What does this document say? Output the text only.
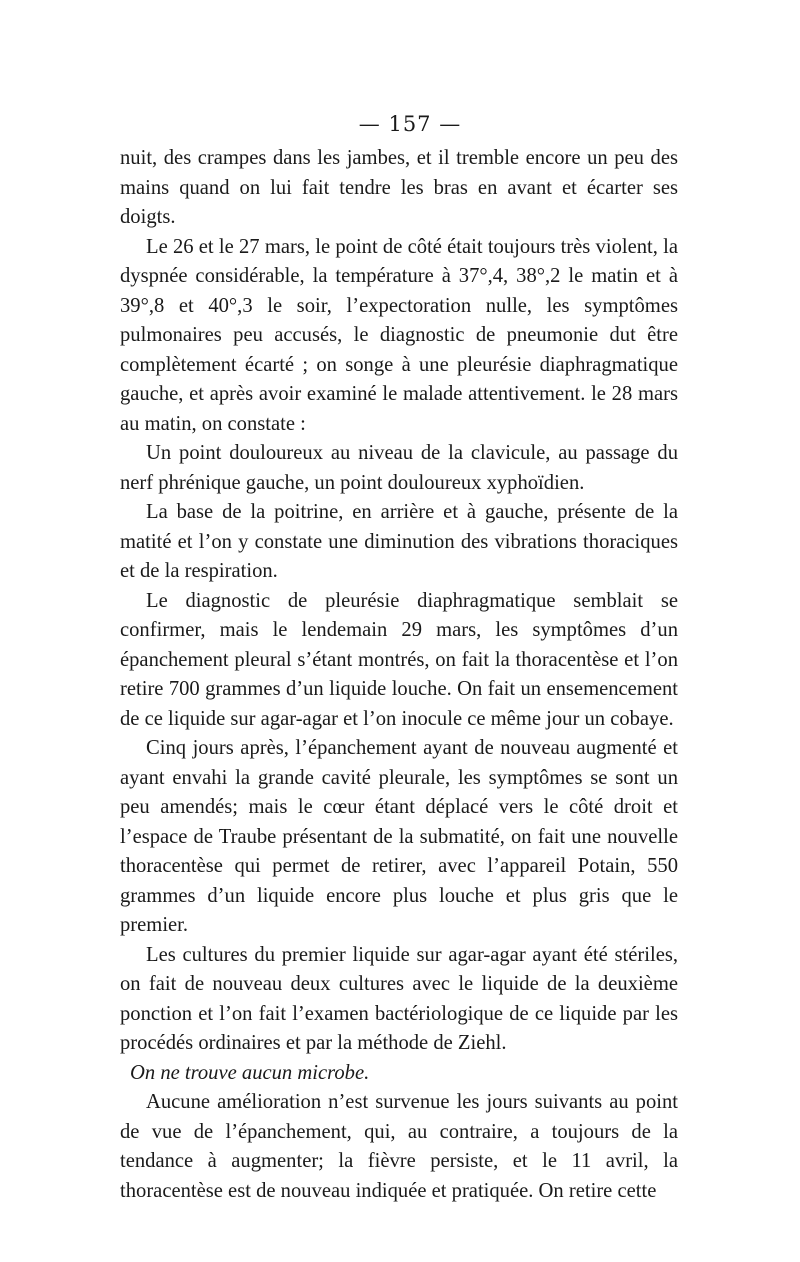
— 157 —

nuit, des crampes dans les jambes, et il tremble encore un peu des mains quand on lui fait tendre les bras en avant et écarter ses doigts.

Le 26 et le 27 mars, le point de côté était toujours très violent, la dyspnée considérable, la température à 37°,4, 38°,2 le matin et à 39°,8 et 40°,3 le soir, l’expectoration nulle, les symptômes pulmonaires peu accusés, le diagnostic de pneumonie dut être complètement écarté ; on songe à une pleurésie diaphragmatique gauche, et après avoir examiné le malade attentivement. le 28 mars au matin, on constate :

Un point douloureux au niveau de la clavicule, au passage du nerf phrénique gauche, un point douloureux xyphoïdien.

La base de la poitrine, en arrière et à gauche, présente de la matité et l’on y constate une diminution des vibrations thoraciques et de la respiration.

Le diagnostic de pleurésie diaphragmatique semblait se confirmer, mais le lendemain 29 mars, les symptômes d’un épanchement pleural s’étant montrés, on fait la thoracentèse et l’on retire 700 grammes d’un liquide louche. On fait un ensemencement de ce liquide sur agar-agar et l’on inocule ce même jour un cobaye.

Cinq jours après, l’épanchement ayant de nouveau augmenté et ayant envahi la grande cavité pleurale, les symptômes se sont un peu amendés; mais le cœur étant déplacé vers le côté droit et l’espace de Traube présentant de la submatité, on fait une nouvelle thoracentèse qui permet de retirer, avec l’appareil Potain, 550 grammes d’un liquide encore plus louche et plus gris que le premier.

Les cultures du premier liquide sur agar-agar ayant été stériles, on fait de nouveau deux cultures avec le liquide de la deuxième ponction et l’on fait l’examen bactériologique de ce liquide par les procédés ordinaires et par la méthode de Ziehl.

On ne trouve aucun microbe.

Aucune amélioration n’est survenue les jours suivants au point de vue de l’épanchement, qui, au contraire, a toujours de la tendance à augmenter; la fièvre persiste, et le 11 avril, la thoracentèse est de nouveau indiquée et pratiquée. On retire cette
